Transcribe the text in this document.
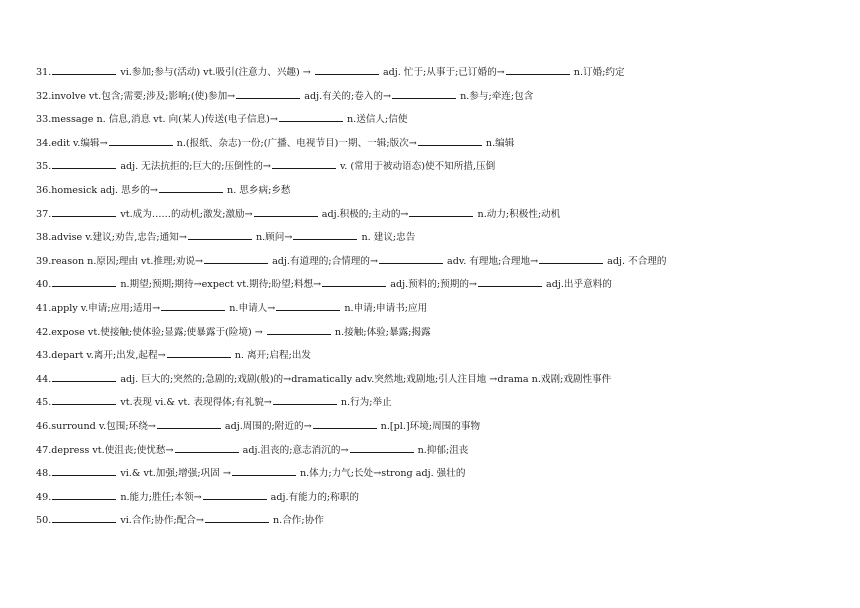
31.	vi.参加;参与(活动) vt.吸引(注意力、兴趣) →	adj. 忙于;从事于;已订婚的→	n.订婚;约定
32.involve vt.包含;需要;涉及;影响;(使)参加→	adj.有关的;卷入的→	n.参与;牵连;包含
33.message n. 信息,消息 vt. 向(某人)传送(电子信息)→	n.送信人;信使
34.edit v.编辑→	n.(报纸、杂志)一份;(广播、电视节目)一期、一辑;版次→	n.编辑
35.	adj. 无法抗拒的;巨大的;压倒性的→	v. (常用于被动语态)使不知所措,压倒
36.homesick adj. 思乡的→	n. 思乡病;乡愁
37.	vt.成为……的动机;激发;激励→	adj.积极的;主动的→	n.动力;积极性;动机
38.advise v.建议;劝告,忠告;通知→	n.顾问→	n. 建议;忠告
39.reason n.原因;理由 vt.推理;劝说→	adj.有道理的;合情理的→	adv. 有理地;合理地→	adj. 不合理的
40.	n.期望;预期;期待→expect vt.期待;盼望;料想→	adj.预料的;预期的→	adj.出乎意料的
41.apply v.申请;应用;适用→	n.申请人→	n.申请;申请书;应用
42.expose vt.使接触;使体验;显露;使暴露于(险境) →	n.接触;体验;暴露;揭露
43.depart v.离开;出发,起程→	n. 离开;启程;出发
44.	adj. 巨大的;突然的;急剧的;戏剧(般)的→dramatically adv.突然地;戏剧地;引人注目地 →drama n.戏剧;戏剧性事件
45.	vt.表现 vi.& vt. 表现得体;有礼貌→	n.行为;举止
46.surround v.包围;环绕→	adj.周围的;附近的→	n.[pl.]环境;周围的事物
47.depress vt.使沮丧;使忧愁→	adj.沮丧的;意志消沉的→	n.抑郁;沮丧
48.	vi.& vt.加强;增强;巩固 →	n.体力;力气;长处→strong adj. 强壮的
49.	n.能力;胜任;本领→	adj.有能力的;称职的
50.	vi.合作;协作;配合→	n.合作;协作
